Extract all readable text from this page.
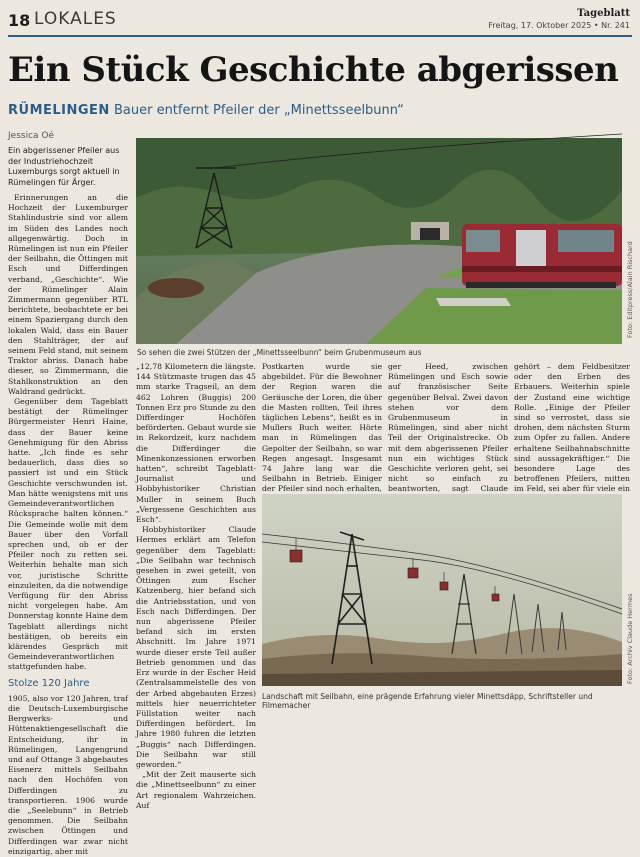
18 LOKALES	Tageblatt
Freitag, 17. Oktober 2025 • Nr. 241
Ein Stück Geschichte abgerissen
RÜMELINGEN Bauer entfernt Pfeiler der „Minettsseelbunn“
Jessica Oé

Ein abgerissener Pfeiler aus der Industriehochzeit Luxemburgs sorgt aktuell in Rümelingen für Ärger.

Erinnerungen an die Hochzeit der Luxemburger Stahlindustrie sind vor allem im Süden des Landes noch allgegenwärtig. Doch in Rümelingen ist nun ein Pfeiler der Seilbahn, die Öttingen mit Esch und Differdingen verband, „Geschichte“. Wie der Rümelinger Alain Zimmermann gegenüber RTL berichtete, beobachtete er bei einem Spaziergang durch den lokalen Wald, dass ein Bauer den Stahlträger, der auf seinem Feld stand, mit seinem Traktor abriss. Danach habe dieser, so Zimmermann, die Stahlkonstruktion an den Waldrand gedrückt.

Gegenüber dem Tageblatt bestätigt der Rümelinger Bürgermeister Henri Haine, dass der Bauer keine Genehmigung für den Abriss hatte. „Ich finde es sehr bedauerlich, dass dies so passiert ist und ein Stück Geschichte verschwunden ist. Man hätte wenigstens mit uns Gemeindeverantwortlichen Rücksprache halten können.“ Die Gemeinde wolle mit dem Bauer über den Vorfall sprechen und, ob er der Pfeiler noch zu retten sei. Weiterhin behalte man sich vor, juristische Schritte einzuleiten, da die notwendige Verfügung für den Abriss nicht vorgelegen habe. Am Donnerstag konnte Haine dem Tageblatt allerdings nicht bestätigen, ob bereits ein klärendes Gespräch mit Gemeindeverantwortlichen stattgefunden habe.

Stolze 120 Jahre

1905, also vor 120 Jahren, traf die Deutsch-Luxemburgische Bergwerks- und Hüttenaktiengesellschaft die Entscheidung, ihr in Rümelingen, Langengrund und auf Ottange 3 abgebautes Eisenerz mittels Seilbahn nach den Hochöfen von Differdingen zu transportieren. 1906 wurde die „Seelebunn“ in Betrieb genommen. Die Seilbahn zwischen Öttingen und Differdingen war zwar nicht einzigartig, aber mit

Foto: Editpress/Alain Rischard
So sehen die zwei Stützen der „Minettsseelbunn“ beim Grubenmuseum aus

„12,78 Kilometern die längste. 144 Stützmaste trugen das 45 mm starke Tragseil, an dem 462 Lohren (Buggis) 200 Tonnen Erz pro Stunde zu den Differdinger Hochöfen beförderten. Gebaut wurde sie in Rekordzeit, kurz nachdem die Differdinger die Minenkonzessionen erworben hatten“, schreibt Tageblatt-Journalist und Hobbyhistoriker Christian Muller in seinem Buch „Vergessene Geschichten aus Esch“.

Hobbyhistoriker Claude Hermes erklärt am Telefon gegenüber dem Tageblatt: „Die Seilbahn war technisch gesehen in zwei geteilt, von Öttingen zum Escher Katzenberg, hier befand sich die Antriebsstation, und von Esch nach Differdingen. Der nun abgerissene Pfeiler befand sich im ersten Abschnitt. Im Jahre 1971 wurde dieser erste Teil außer Betrieb genommen und das Erz wurde in der Escher Heid (Zentralsammelstelle des von der Arbed abgebauten Erzes) mittels hier neuerrichteter Füllstation weiter nach Differdingen befördert. Im Jahre 1980 fuhren die letzten „Buggis“ nach Differdingen. Die Seilbahn war still geworden.“

„Mit der Zeit mauserte sich die „Minettseelbunn“ zu einer Art regionalem Wahrzeichen. Auf

Postkarten wurde sie abgebildet. Für die Bewohner der Region waren die Geräusche der Loren, die über die Masten rollten, Teil ihres täglichen Lebens“, heißt es in Mullers Buch weiter. Hörte man in Rümelingen das Gepolter der Seilbahn, so war Regen angesagt. Insgesamt 74 Jahre lang war die Seilbahn in Betrieb. Einiger der Pfeiler sind noch erhalten,

ger Heed, zwischen Rümelingen und Esch sowie auf französischer Seite gegenüber Belval. Zwei davon stehen vor dem Grubenmuseum in Rümelingen, sind aber nicht Teil der Originalstrecke. Ob mit dem abgerissenen Pfeiler nun ein wichtiges Stück Geschichte verloren geht, sei nicht so einfach zu beantworten, sagt Claude

gehört – dem Feldbesitzer oder den Erben des Erbauers. Weiterhin spiele der Zustand eine wichtige Rolle. „Einige der Pfeiler sind so verrostet, dass sie drohen, dem nächsten Sturm zum Opfer zu fallen. Andere erhaltene Seilbahnabschnitte sind aussagekräftiger.“ Die besondere Lage des betroffenen Pfeilers, mitten im Feld, sei aber für viele ein

Foto: Archiv Claude Hermes
Landschaft mit Seilbahn, eine prägende Erfahrung vieler Minettsdäpp, Schriftsteller und Filmemacher
